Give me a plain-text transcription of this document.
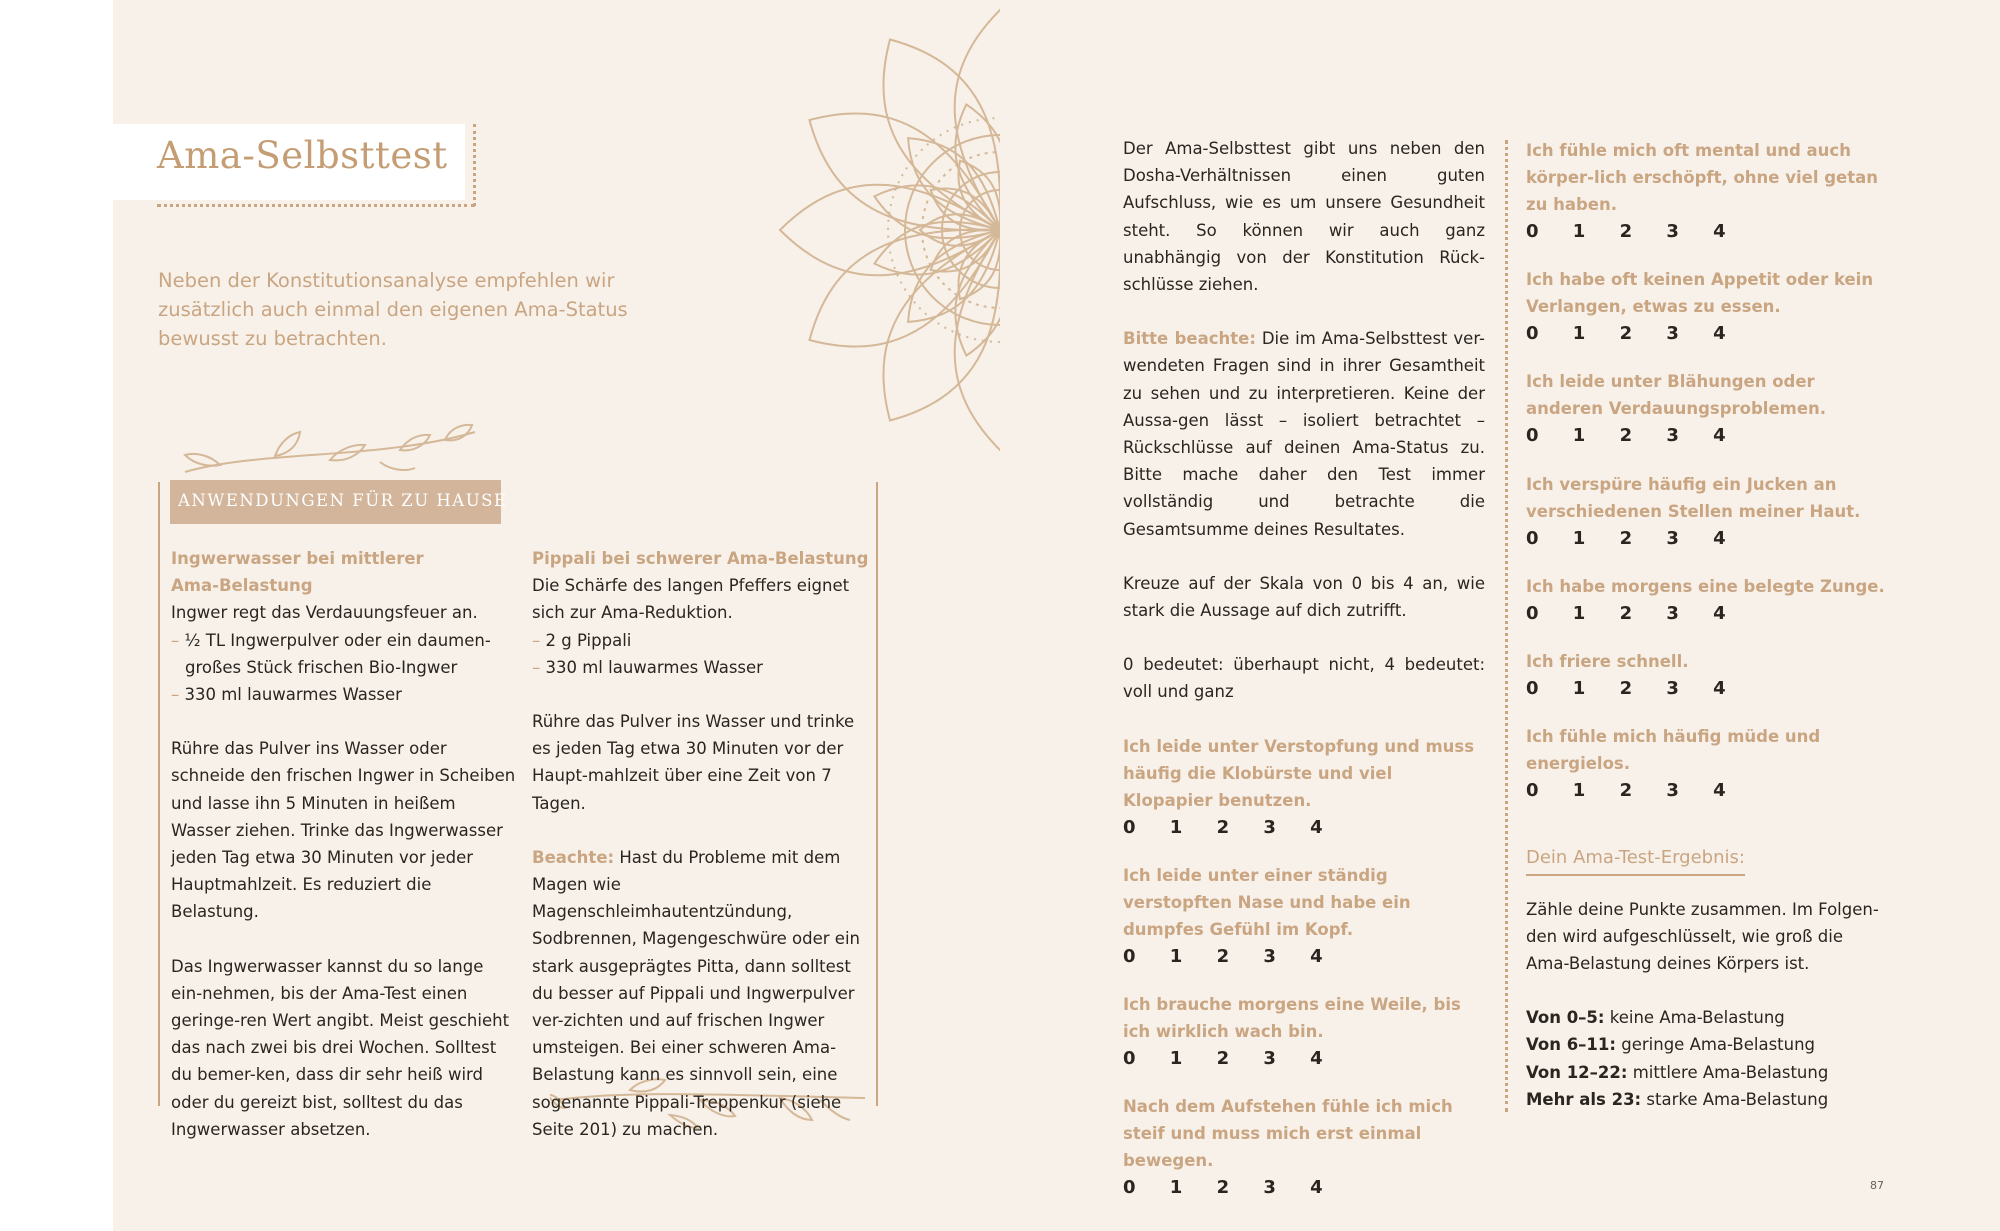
Ama-Selbsttest
Neben der Konstitutionsanalyse empfehlen wir zusätzlich auch einmal den eigenen Ama-Status bewusst zu betrachten.
ANWENDUNGEN FÜR ZU HAUSE

Ingwerwasser bei mittlerer

Ama-Belastung

Ingwer regt das Verdauungsfeuer an.

– ½ TL Ingwerpulver oder ein daumen-großes Stück frischen Bio-Ingwer

– 330 ml lauwarmes Wasser

Rühre das Pulver ins Wasser oder schneide den frischen Ingwer in Scheiben und lasse ihn 5 Minuten in heißem Wasser ziehen. Trinke das Ingwerwasser jeden Tag etwa 30 Minuten vor jeder Hauptmahlzeit. Es reduziert die Belastung.

Das Ingwerwasser kannst du so lange ein-nehmen, bis der Ama-Test einen geringe-ren Wert angibt. Meist geschieht das nach zwei bis drei Wochen. Solltest du bemer-ken, dass dir sehr heiß wird oder du gereizt bist, solltest du das Ingwerwasser absetzen.

Pippali bei schwerer Ama-Belastung

Die Schärfe des langen Pfeffers eignet sich zur Ama-Reduktion.

– 2 g Pippali

– 330 ml lauwarmes Wasser

Rühre das Pulver ins Wasser und trinke es jeden Tag etwa 30 Minuten vor der Haupt-mahlzeit über eine Zeit von 7 Tagen.

Beachte: Hast du Probleme mit dem Magen wie Magenschleimhautentzündung, Sodbrennen, Magengeschwüre oder ein stark ausgeprägtes Pitta, dann solltest du besser auf Pippali und Ingwerpulver ver-zichten und auf frischen Ingwer umsteigen. Bei einer schweren Ama-Belastung kann es sinnvoll sein, eine sogenannte Pippali-Treppenkur (siehe Seite 201) zu machen.

Der Ama-Selbsttest gibt uns neben den Dosha-Verhältnissen einen guten Aufschluss, wie es um unsere Gesundheit steht. So können wir auch ganz unabhängig von der Konstitution Rück-schlüsse ziehen.

Bitte beachte: Die im Ama-Selbsttest ver-wendeten Fragen sind in ihrer Gesamtheit zu sehen und zu interpretieren. Keine der Aussa-gen lässt – isoliert betrachtet – Rückschlüsse auf deinen Ama-Status zu. Bitte mache daher den Test immer vollständig und betrachte die Gesamtsumme deines Resultates.

Kreuze auf der Skala von 0 bis 4 an, wie stark die Aussage auf dich zutrifft.

0 bedeutet: überhaupt nicht, 4 bedeutet: voll und ganz

Ich leide unter Verstopfung und muss häufig die Klobürste und viel Klopapier benutzen.

0 1 2 3 4

Ich leide unter einer ständig verstopften Nase und habe ein dumpfes Gefühl im Kopf.

0 1 2 3 4

Ich brauche morgens eine Weile, bis ich wirklich wach bin.

0 1 2 3 4

Nach dem Aufstehen fühle ich mich steif und muss mich erst einmal bewegen.

0 1 2 3 4

Ich fühle mich oft mental und auch körper-lich erschöpft, ohne viel getan zu haben.

0 1 2 3 4

Ich habe oft keinen Appetit oder kein Verlangen, etwas zu essen.

0 1 2 3 4

Ich leide unter Blähungen oder anderen Verdauungsproblemen.

0 1 2 3 4

Ich verspüre häufig ein Jucken an verschiedenen Stellen meiner Haut.

0 1 2 3 4

Ich habe morgens eine belegte Zunge.

0 1 2 3 4

Ich friere schnell.

0 1 2 3 4

Ich fühle mich häufig müde und energielos.

0 1 2 3 4

Dein Ama-Test-Ergebnis:

Zähle deine Punkte zusammen. Im Folgen-den wird aufgeschlüsselt, wie groß die Ama-Belastung deines Körpers ist.

Von 0–5: keine Ama-Belastung

Von 6–11: geringe Ama-Belastung

Von 12–22: mittlere Ama-Belastung

Mehr als 23: starke Ama-Belastung

87
